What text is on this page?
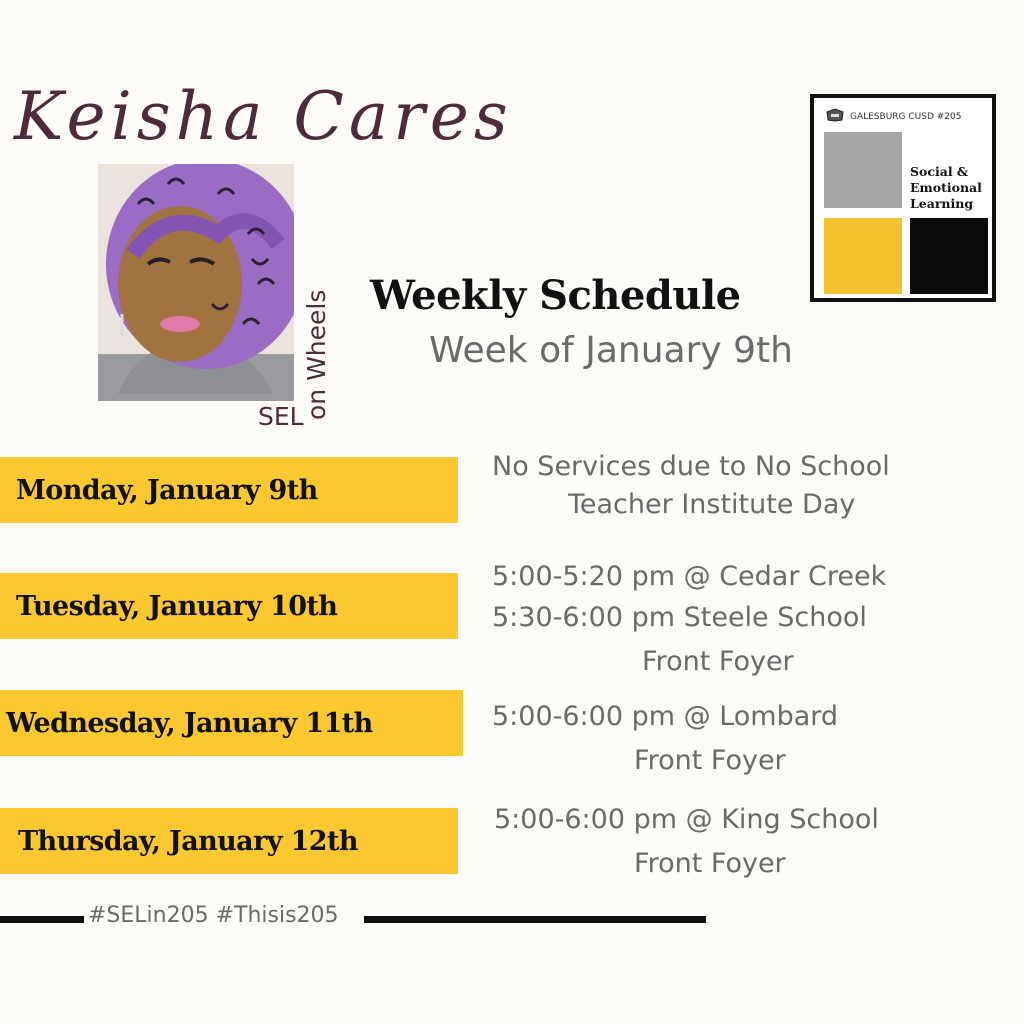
Keisha Cares
SEL
on Wheels Weekly Schedule
Week of January 9th
GALESBURG CUSD #205
Social &
Emotional
Learning
Monday, January 9th
No Services due to No School
Teacher Institute Day
Tuesday, January 10th
5:00-5:20 pm @ Cedar Creek
5:30-6:00 pm Steele School
Front Foyer
Wednesday, January 11th	5:00-6:00 pm @ Lombard
Front Foyer
Thursday, January 12th
5:00-6:00 pm @ King School
Front Foyer
#SELin205 #Thisis205
